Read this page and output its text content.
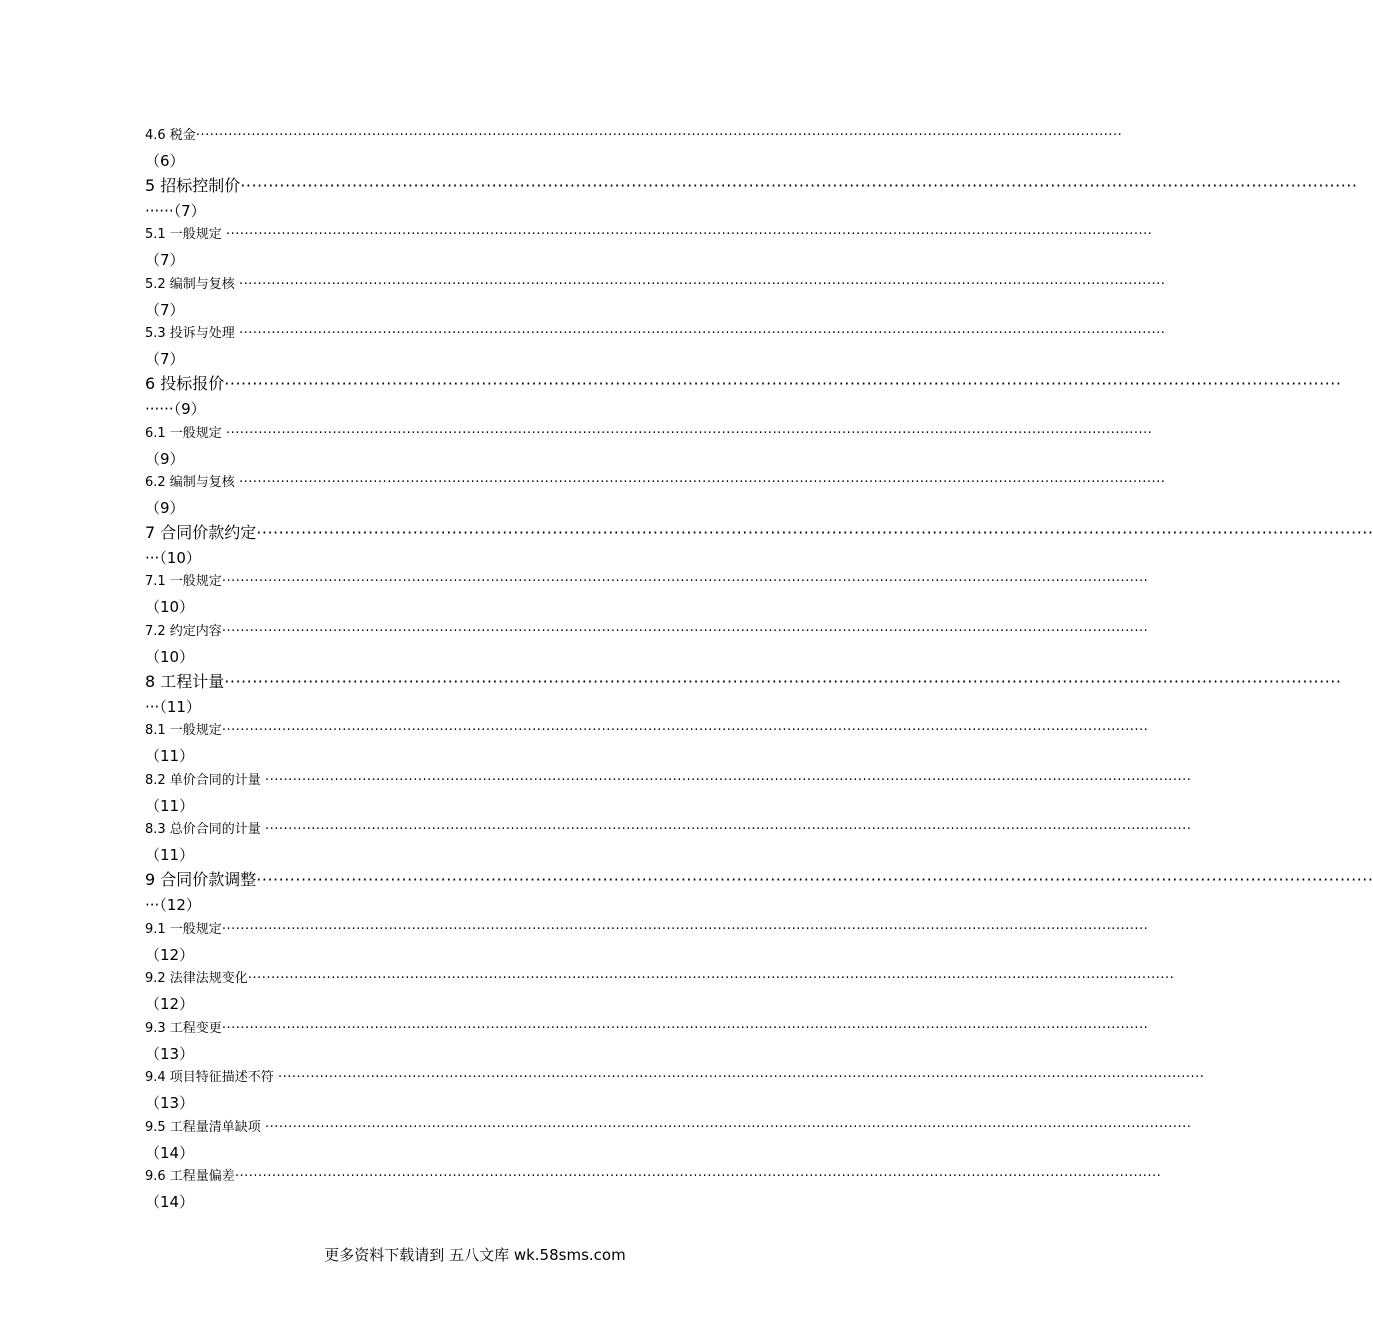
4.6 税金········································································································································································································
（6）
5 招标控制价········································································································································································································
······（7）
5.1 一般规定 ········································································································································································································
（7）
5.2 编制与复核 ········································································································································································································
（7）
5.3 投诉与处理 ········································································································································································································
（7）
6 投标报价········································································································································································································
······（9）
6.1 一般规定 ········································································································································································································
（9）
6.2 编制与复核 ········································································································································································································
（9）
7 合同价款约定········································································································································································································
···（10）
7.1 一般规定········································································································································································································
（10）
7.2 约定内容········································································································································································································
（10）
8 工程计量········································································································································································································
···（11）
8.1 一般规定········································································································································································································
（11）
8.2 单价合同的计量 ········································································································································································································
（11）
8.3 总价合同的计量 ········································································································································································································
（11）
9 合同价款调整········································································································································································································
···（12）
9.1 一般规定········································································································································································································
（12）
9.2 法律法规变化········································································································································································································
（12）
9.3 工程变更········································································································································································································
（13）
9.4 项目特征描述不符 ········································································································································································································
（13）
9.5 工程量清单缺项 ········································································································································································································
（14）
9.6 工程量偏差········································································································································································································
（14）
更多资料下载请到 五八文库 wk.58sms.com
